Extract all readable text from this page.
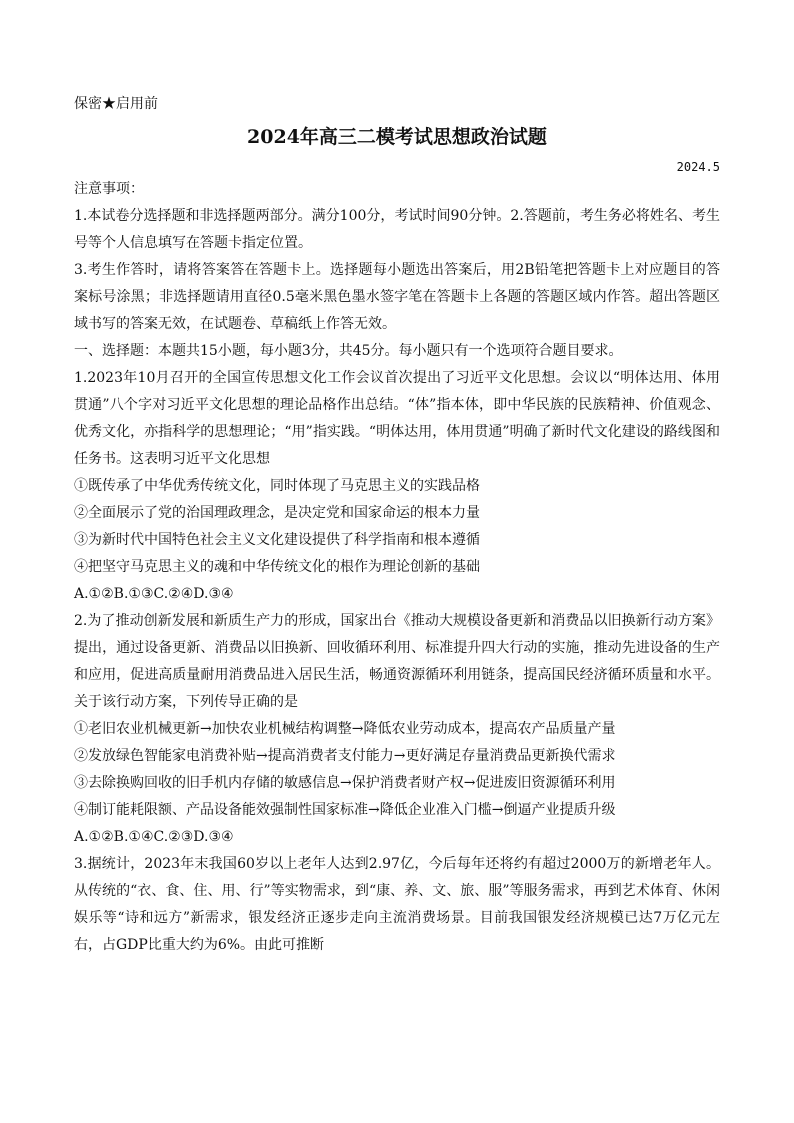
保密★启用前

2024年高三二模考试思想政治试题

2024.5

注意事项：

1.本试卷分选择题和非选择题两部分。满分100分，考试时间90分钟。2.答题前，考生务必将姓名、考生号等个人信息填写在答题卡指定位置。

3.考生作答时，请将答案答在答题卡上。选择题每小题选出答案后，用2B铅笔把答题卡上对应题目的答案标号涂黑；非选择题请用直径0.5毫米黑色墨水签字笔在答题卡上各题的答题区域内作答。超出答题区域书写的答案无效，在试题卷、草稿纸上作答无效。

一、选择题：本题共15小题，每小题3分，共45分。每小题只有一个选项符合题目要求。

1.2023年10月召开的全国宣传思想文化工作会议首次提出了习近平文化思想。会议以“明体达用、体用贯通”八个字对习近平文化思想的理论品格作出总结。“体”指本体，即中华民族的民族精神、价值观念、优秀文化，亦指科学的思想理论；“用”指实践。“明体达用，体用贯通”明确了新时代文化建设的路线图和任务书。这表明习近平文化思想

①既传承了中华优秀传统文化，同时体现了马克思主义的实践品格

②全面展示了党的治国理政理念，是决定党和国家命运的根本力量

③为新时代中国特色社会主义文化建设提供了科学指南和根本遵循

④把坚守马克思主义的魂和中华传统文化的根作为理论创新的基础

A.①②B.①③C.②④D.③④

2.为了推动创新发展和新质生产力的形成，国家出台《推动大规模设备更新和消费品以旧换新行动方案》提出，通过设备更新、消费品以旧换新、回收循环利用、标准提升四大行动的实施，推动先进设备的生产和应用，促进高质量耐用消费品进入居民生活，畅通资源循环利用链条，提高国民经济循环质量和水平。关于该行动方案，下列传导正确的是

①老旧农业机械更新→加快农业机械结构调整→降低农业劳动成本，提高农产品质量产量

②发放绿色智能家电消费补贴→提高消费者支付能力→更好满足存量消费品更新换代需求

③去除换购回收的旧手机内存储的敏感信息→保护消费者财产权→促进废旧资源循环利用

④制订能耗限额、产品设备能效强制性国家标准→降低企业准入门槛→倒逼产业提质升级

A.①②B.①④C.②③D.③④

3.据统计，2023年末我国60岁以上老年人达到2.97亿，今后每年还将约有超过2000万的新增老年人。从传统的“衣、食、住、用、行”等实物需求，到“康、养、文、旅、服”等服务需求，再到艺术体育、休闲娱乐等“诗和远方”新需求，银发经济正逐步走向主流消费场景。目前我国银发经济规模已达7万亿元左右，占GDP比重大约为6%。由此可推断
